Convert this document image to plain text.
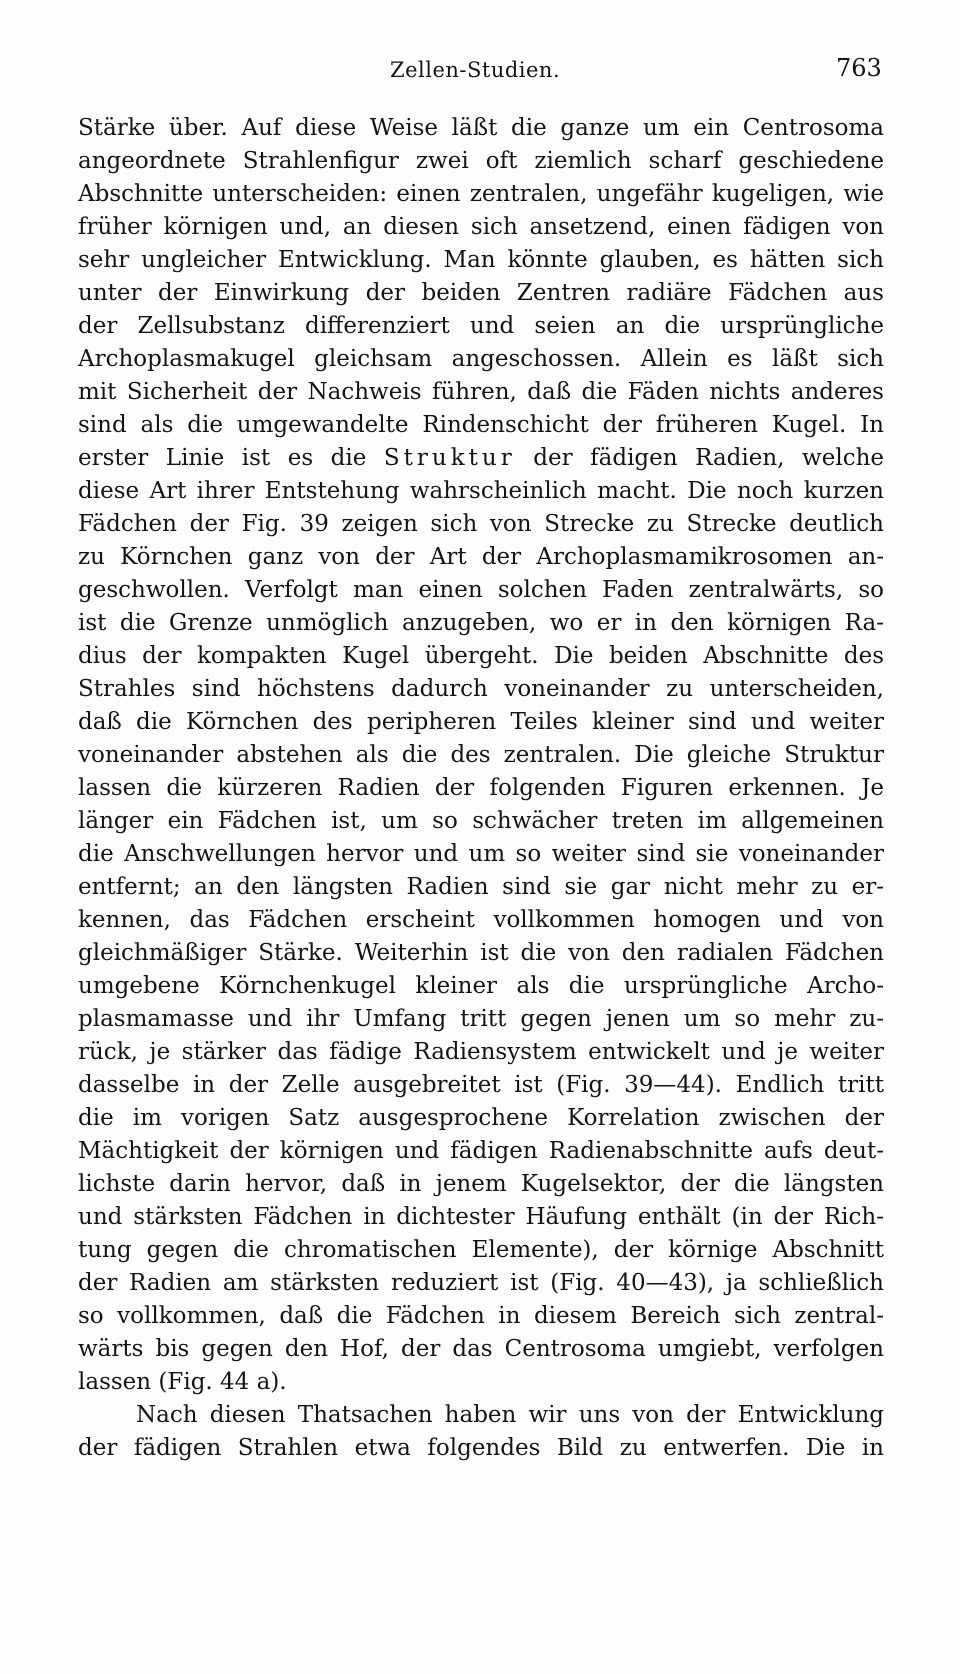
Zellen-Studien.	763
Stärke über. Auf diese Weise läßt die ganze um ein Centrosoma
angeordnete Strahlenfigur zwei oft ziemlich scharf geschiedene
Abschnitte unterscheiden: einen zentralen, ungefähr kugeligen, wie
früher körnigen und, an diesen sich ansetzend, einen fädigen von
sehr ungleicher Entwicklung. Man könnte glauben, es hätten sich
unter der Einwirkung der beiden Zentren radiäre Fädchen aus
der Zellsubstanz differenziert und seien an die ursprüngliche
Archoplasmakugel gleichsam angeschossen. Allein es läßt sich
mit Sicherheit der Nachweis führen, daß die Fäden nichts anderes
sind als die umgewandelte Rindenschicht der früheren Kugel. In
erster Linie ist es die Struktur der fädigen Radien, welche
diese Art ihrer Entstehung wahrscheinlich macht. Die noch kurzen
Fädchen der Fig. 39 zeigen sich von Strecke zu Strecke deutlich
zu Körnchen ganz von der Art der Archoplasmamikrosomen an-
geschwollen. Verfolgt man einen solchen Faden zentralwärts, so
ist die Grenze unmöglich anzugeben, wo er in den körnigen Ra-
dius der kompakten Kugel übergeht. Die beiden Abschnitte des
Strahles sind höchstens dadurch voneinander zu unterscheiden,
daß die Körnchen des peripheren Teiles kleiner sind und weiter
voneinander abstehen als die des zentralen. Die gleiche Struktur
lassen die kürzeren Radien der folgenden Figuren erkennen. Je
länger ein Fädchen ist, um so schwächer treten im allgemeinen
die Anschwellungen hervor und um so weiter sind sie voneinander
entfernt; an den längsten Radien sind sie gar nicht mehr zu er-
kennen, das Fädchen erscheint vollkommen homogen und von
gleichmäßiger Stärke. Weiterhin ist die von den radialen Fädchen
umgebene Körnchenkugel kleiner als die ursprüngliche Archo-
plasmamasse und ihr Umfang tritt gegen jenen um so mehr zu-
rück, je stärker das fädige Radiensystem entwickelt und je weiter
dasselbe in der Zelle ausgebreitet ist (Fig. 39—44). Endlich tritt
die im vorigen Satz ausgesprochene Korrelation zwischen der
Mächtigkeit der körnigen und fädigen Radienabschnitte aufs deut-
lichste darin hervor, daß in jenem Kugelsektor, der die längsten
und stärksten Fädchen in dichtester Häufung enthält (in der Rich-
tung gegen die chromatischen Elemente), der körnige Abschnitt
der Radien am stärksten reduziert ist (Fig. 40—43), ja schließlich
so vollkommen, daß die Fädchen in diesem Bereich sich zentral-
wärts bis gegen den Hof, der das Centrosoma umgiebt, verfolgen
lassen (Fig. 44 a).
Nach diesen Thatsachen haben wir uns von der Entwicklung
der fädigen Strahlen etwa folgendes Bild zu entwerfen. Die in
